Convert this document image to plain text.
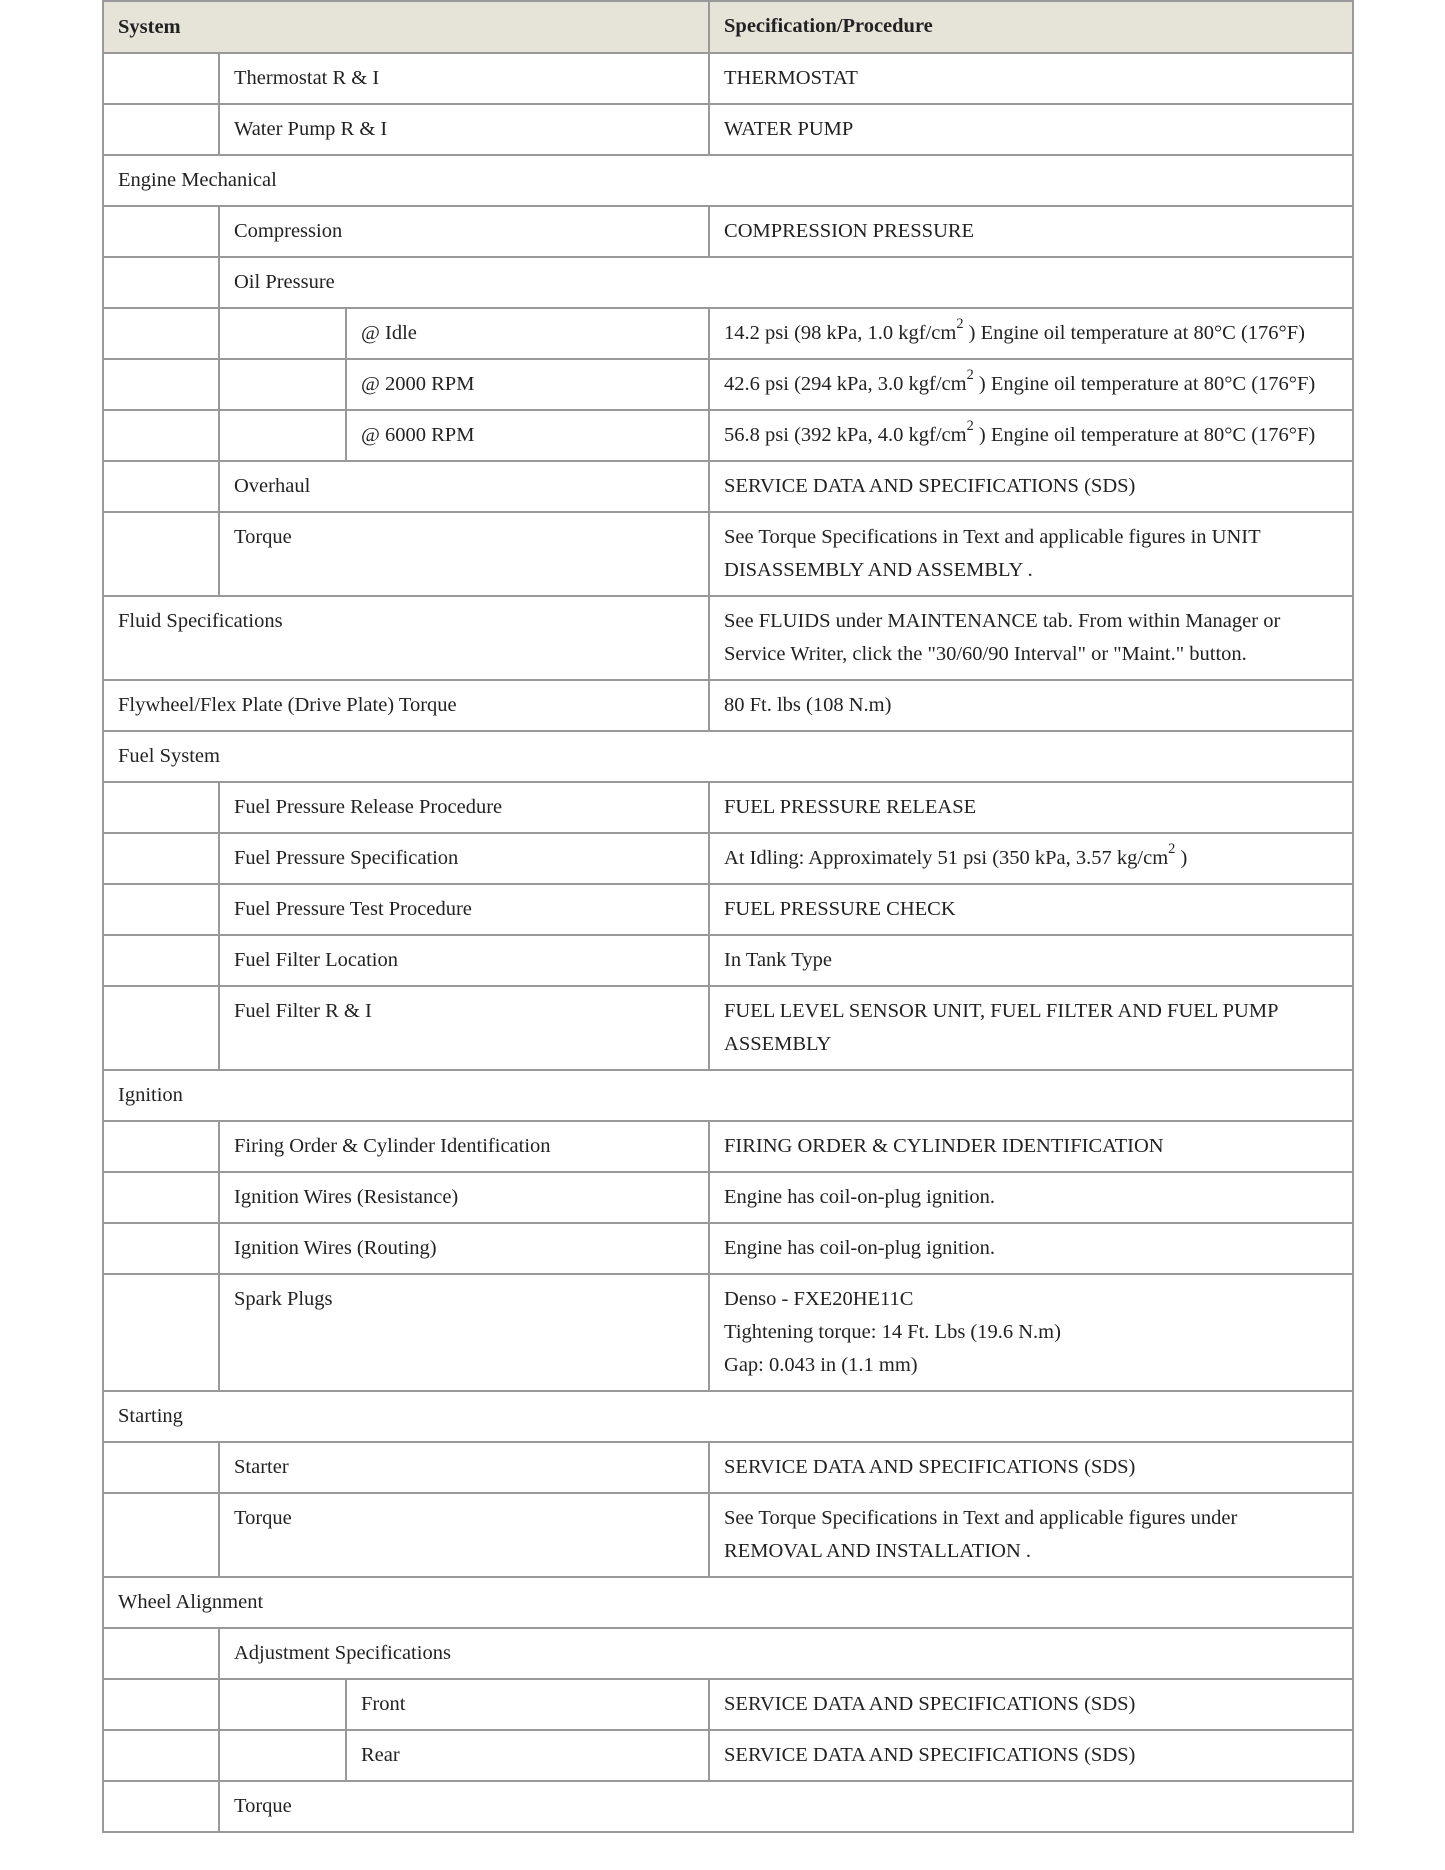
System			Specification/Procedure
	Thermostat R & I		THERMOSTAT
	Water Pump R & I		WATER PUMP
Engine Mechanical			
	Compression		COMPRESSION PRESSURE
	Oil Pressure		
		@ Idle	14.2 psi (98 kPa, 1.0 kgf/$cm^2$ ) Engine oil temperature at 80°C (176°F)
		@ 2000 RPM	42.6 psi (294 kPa, 3.0 kgf/$cm^2$ ) Engine oil temperature at 80°C (176°F)
		@ 6000 RPM	56.8 psi (392 kPa, 4.0 kgf/$cm^2$ ) Engine oil temperature at 80°C (176°F)
	Overhaul		SERVICE DATA AND SPECIFICATIONS (SDS)
	Torque		See Torque Specifications in Text and applicable figures in UNIT DISASSEMBLY AND ASSEMBLY .
Fluid Specifications			See FLUIDS under MAINTENANCE tab. From within Manager or Service Writer, click the "30/60/90 Interval" or "Maint." button.
Flywheel/Flex Plate (Drive Plate) Torque			80 Ft. lbs (108 N.m)
Fuel System			
	Fuel Pressure Release Procedure		FUEL PRESSURE RELEASE
	Fuel Pressure Specification		At Idling: Approximately 51 psi (350 kPa, 3.57 $kg/cm^2$ )
	Fuel Pressure Test Procedure		FUEL PRESSURE CHECK
	Fuel Filter Location		In Tank Type
	Fuel Filter R & I		FUEL LEVEL SENSOR UNIT, FUEL FILTER AND FUEL PUMP ASSEMBLY
Ignition			
	Firing Order & Cylinder Identification		FIRING ORDER & CYLINDER IDENTIFICATION
	Ignition Wires (Resistance)		Engine has coil-on-plug ignition.
	Ignition Wires (Routing)		Engine has coil-on-plug ignition.
	Spark Plugs		Denso - FXE20HE11C
Tightening torque: 14 Ft. Lbs (19.6 N.m)
Gap: 0.043 in (1.1 mm)

Starting			
	Starter		SERVICE DATA AND SPECIFICATIONS (SDS)
	Torque		See Torque Specifications in Text and applicable figures under REMOVAL AND INSTALLATION .
Wheel Alignment			
	Adjustment Specifications		
		Front	SERVICE DATA AND SPECIFICATIONS (SDS)
		Rear	SERVICE DATA AND SPECIFICATIONS (SDS)
	Torque		
